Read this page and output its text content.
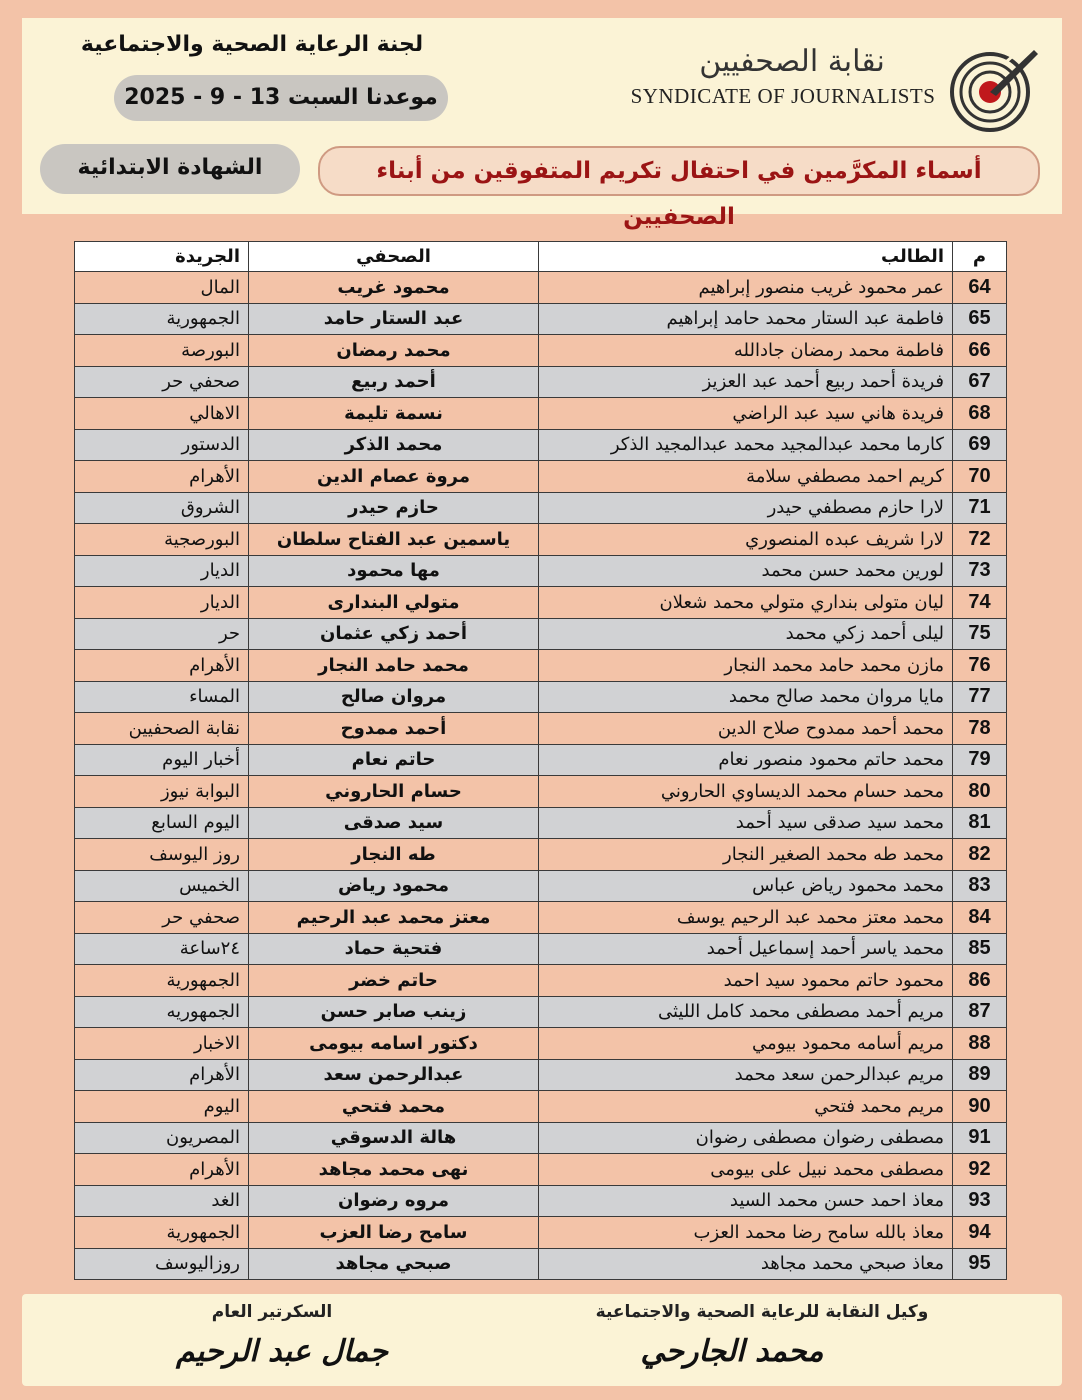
لجنة الرعاية الصحية والاجتماعية
موعدنا السبت 13 - 9 - 2025
الشهادة الابتدائية	أسماء المكرَّمين في احتفال تكريم المتفوقين من أبناء الصحفيين
نقابة الصحفيين
SYNDICATE OF JOURNALISTS
م	الطالب	الصحفي	الجريدة
64	عمر محمود غريب منصور إبراهيم	محمود غريب	المال
65	فاطمة عبد الستار محمد حامد إبراهيم	عبد الستار حامد	الجمهورية
66	فاطمة محمد رمضان جادالله	محمد رمضان	البورصة
67	فريدة أحمد ربيع أحمد عبد العزيز	أحمد ربيع	صحفي حر
68	فريدة هاني سيد عبد الراضي	نسمة تليمة	الاهالي
69	كارما محمد عبدالمجيد محمد عبدالمجيد الذكر	محمد الذكر	الدستور
70	كريم احمد مصطفي سلامة	مروة عصام الدين	الأهرام
71	لارا حازم مصطفي حيدر	حازم حيدر	الشروق
72	لارا شريف عبده المنصوري	ياسمين عبد الفتاح سلطان	البورصجية
73	لورين محمد حسن محمد	مها محمود	الديار
74	ليان متولى بنداري متولي محمد شعلان	متولي البندارى	الديار
75	ليلى أحمد زكي محمد	أحمد زكي عثمان	حر
76	مازن محمد حامد محمد النجار	محمد حامد النجار	الأهرام
77	مايا مروان محمد صالح محمد	مروان صالح	المساء
78	محمد أحمد ممدوح صلاح الدين	أحمد ممدوح	نقابة الصحفيين
79	محمد حاتم محمود منصور نعام	حاتم نعام	أخبار اليوم
80	محمد حسام محمد الديساوي الحاروني	حسام الحاروني	البوابة نيوز
81	محمد سيد صدقى سيد أحمد	سيد صدقى	اليوم السابع
82	محمد طه محمد الصغير النجار	طه النجار	روز اليوسف
83	محمد محمود رياض عباس	محمود رياض	الخميس
84	محمد معتز محمد عبد الرحيم يوسف	معتز محمد عبد الرحيم	صحفي حر
85	محمد ياسر أحمد إسماعيل أحمد	فتحية حماد	٢٤ساعة
86	محمود حاتم محمود سيد احمد	حاتم خضر	الجمهورية
87	مريم أحمد مصطفى محمد كامل الليثى	زينب صابر حسن	الجمهوريه
88	مريم أسامه محمود بيومي	دكتور اسامه بيومى	الاخبار
89	مريم عبدالرحمن سعد محمد	عبدالرحمن سعد	الأهرام
90	مريم محمد فتحي	محمد فتحي	اليوم
91	مصطفى رضوان مصطفى رضوان	هالة الدسوقي	المصريون
92	مصطفى محمد نبيل على بيومى	نهى محمد مجاهد	الأهرام
93	معاذ احمد حسن محمد السيد	مروه رضوان	الغد
94	معاذ بالله سامح رضا محمد العزب	سامح رضا العزب	الجمهورية
95	معاذ صبحي محمد مجاهد	صبحي مجاهد	روزاليوسف
وكيل النقابة للرعاية الصحية والاجتماعية
محمد الجارحي
السكرتير العام
جمال عبد الرحيم
